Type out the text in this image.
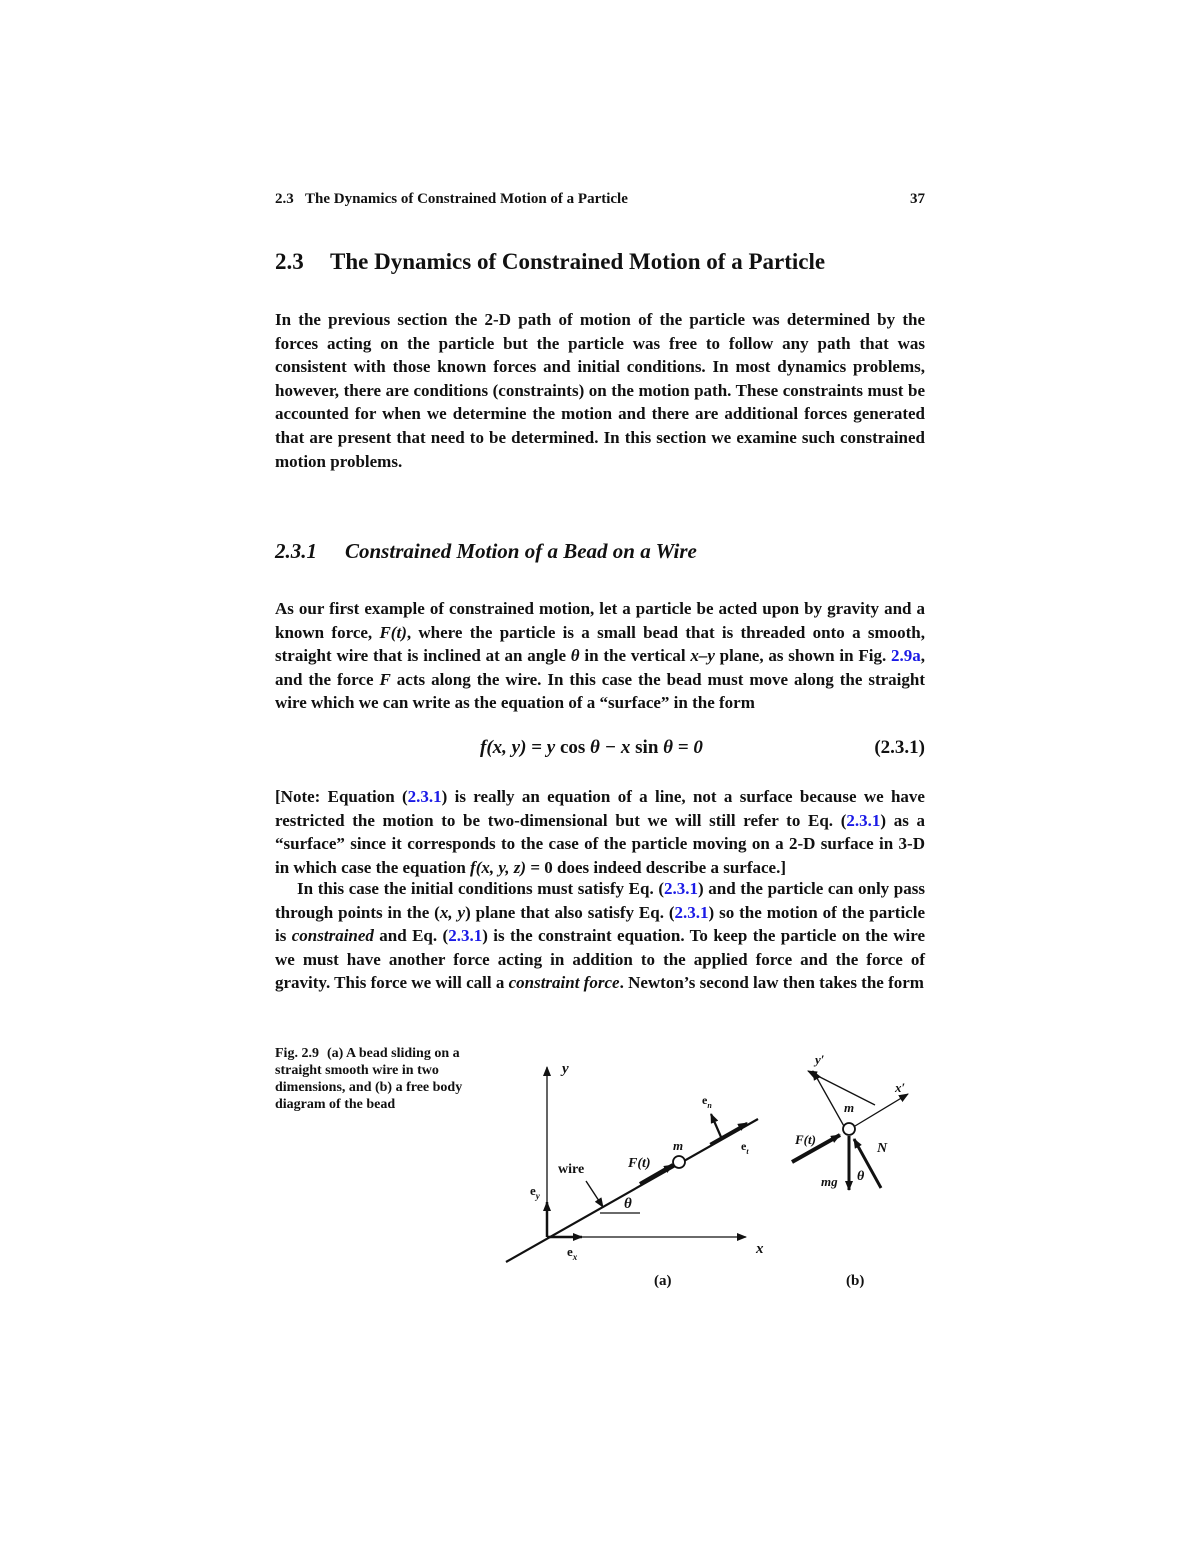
2.3 The Dynamics of Constrained Motion of a Particle	37
2.3 The Dynamics of Constrained Motion of a Particle

In the previous section the 2-D path of motion of the particle was determined by the forces acting on the particle but the particle was free to follow any path that was consistent with those known forces and initial conditions. In most dynamics problems, however, there are conditions (constraints) on the motion path. These constraints must be accounted for when we determine the motion and there are additional forces generated that are present that need to be determined. In this section we examine such constrained motion problems.

2.3.1 Constrained Motion of a Bead on a Wire

As our first example of constrained motion, let a particle be acted upon by gravity and a known force, F(t), where the particle is a small bead that is threaded onto a smooth, straight wire that is inclined at an angle θ in the vertical x–y plane, as shown in Fig. 2.9a, and the force F acts along the wire. In this case the bead must move along the straight wire which we can write as the equation of a “surface” in the form

f(x, y) = y cos θ − x sin θ = 0	(2.3.1)

[Note: Equation (2.3.1) is really an equation of a line, not a surface because we have restricted the motion to be two-dimensional but we will still refer to Eq. (2.3.1) as a “surface” since it corresponds to the case of the particle moving on a 2-D surface in 3-D in which case the equation f(x, y, z) = 0 does indeed describe a surface.]

In this case the initial conditions must satisfy Eq. (2.3.1) and the particle can only pass through points in the (x, y) plane that also satisfy Eq. (2.3.1) so the motion of the particle is constrained and Eq. (2.3.1) is the constraint equation. To keep the particle on the wire we must have another force acting in addition to the applied force and the force of gravity. This force we will call a constraint force. Newton’s second law then takes the form

Fig. 2.9 (a) A bead sliding on a straight smooth wire in two dimensions, and (b) a free body diagram of the bead

y
x
$e_y$
$e_x$
F(t)
m	$e_t$
$e_n$
wire
θ
(a)
y′
x′
m
F(t)
N
mg θ
(b)
